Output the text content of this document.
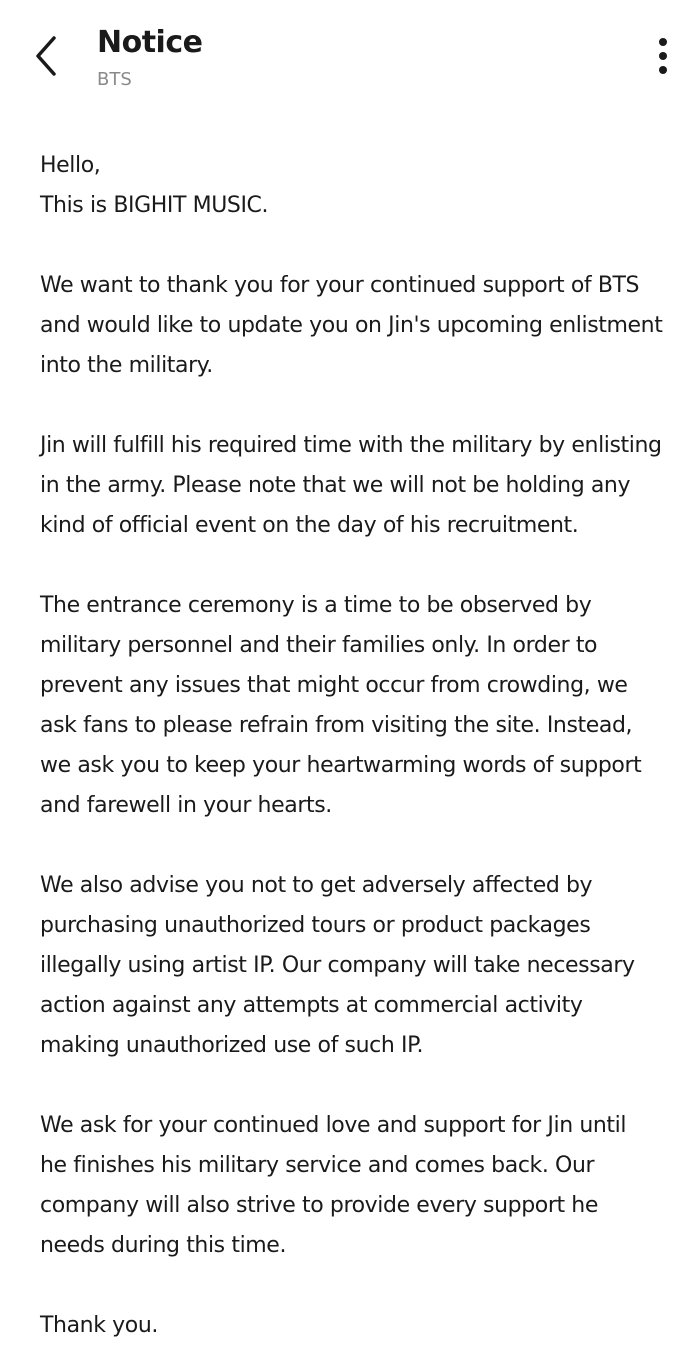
Notice
BTS

Hello,
This is BIGHIT MUSIC.

We want to thank you for your continued support of BTS
and would like to update you on Jin's upcoming enlistment
into the military.

Jin will fulfill his required time with the military by enlisting
in the army. Please note that we will not be holding any
kind of official event on the day of his recruitment.

The entrance ceremony is a time to be observed by
military personnel and their families only. In order to
prevent any issues that might occur from crowding, we
ask fans to please refrain from visiting the site. Instead,
we ask you to keep your heartwarming words of support
and farewell in your hearts.

We also advise you not to get adversely affected by
purchasing unauthorized tours or product packages
illegally using artist IP. Our company will take necessary
action against any attempts at commercial activity
making unauthorized use of such IP.

We ask for your continued love and support for Jin until
he finishes his military service and comes back. Our
company will also strive to provide every support he
needs during this time.

Thank you.
